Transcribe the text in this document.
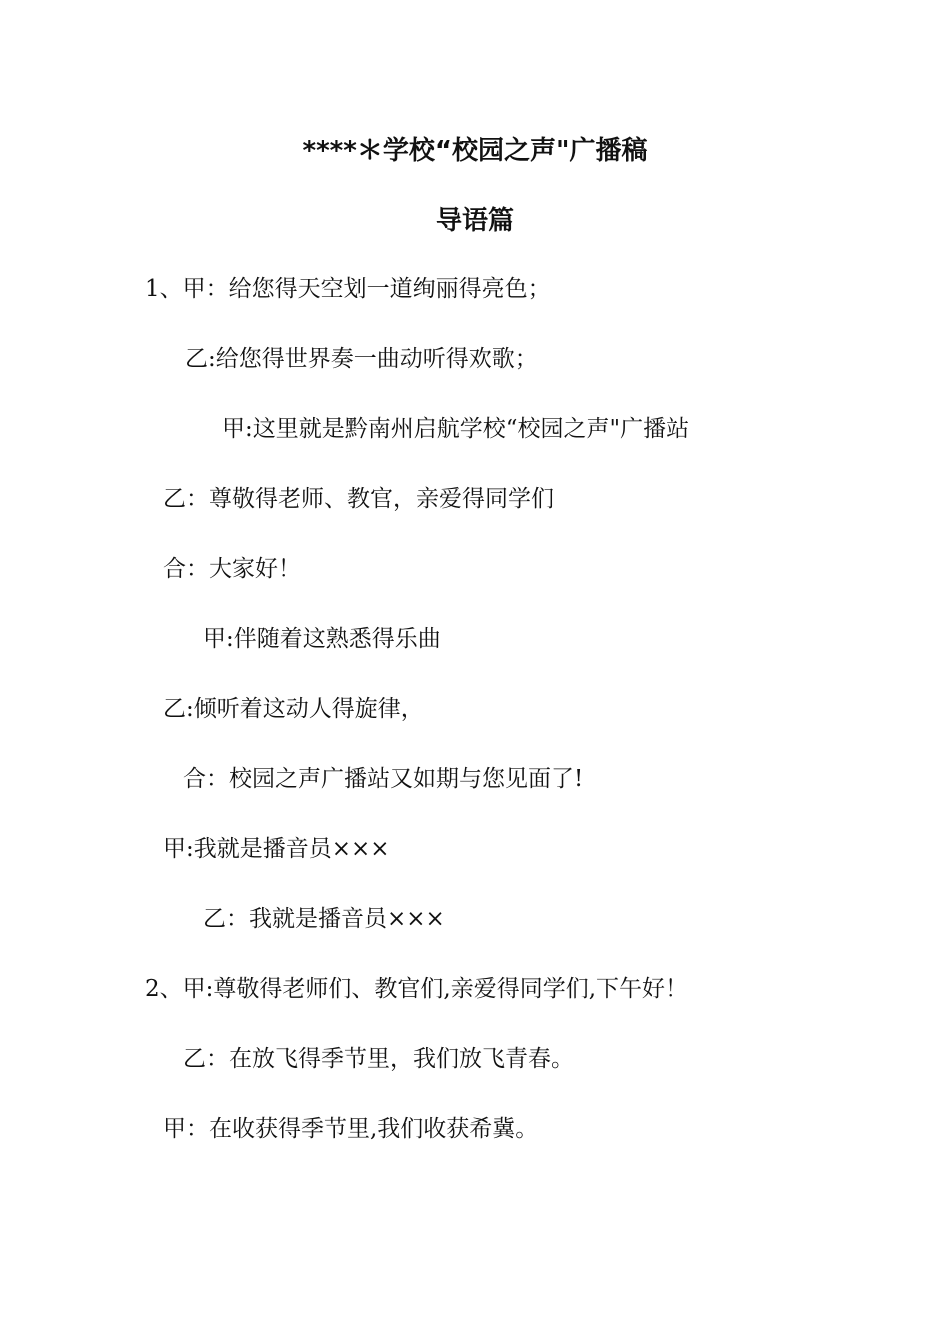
****＊学校“校园之声"广播稿
导语篇
1、甲：给您得天空划一道绚丽得亮色；
乙:给您得世界奏一曲动听得欢歌；
甲:这里就是黔南州启航学校“校园之声"广播站
乙：尊敬得老师、教官，亲爱得同学们
合：大家好！
甲:伴随着这熟悉得乐曲
乙:倾听着这动人得旋律，
合：校园之声广播站又如期与您见面了!
甲:我就是播音员×××
乙：我就是播音员×××
2、甲:尊敬得老师们、教官们,亲爱得同学们,下午好！
乙：在放飞得季节里，我们放飞青春。
甲：在收获得季节里,我们收获希冀。
